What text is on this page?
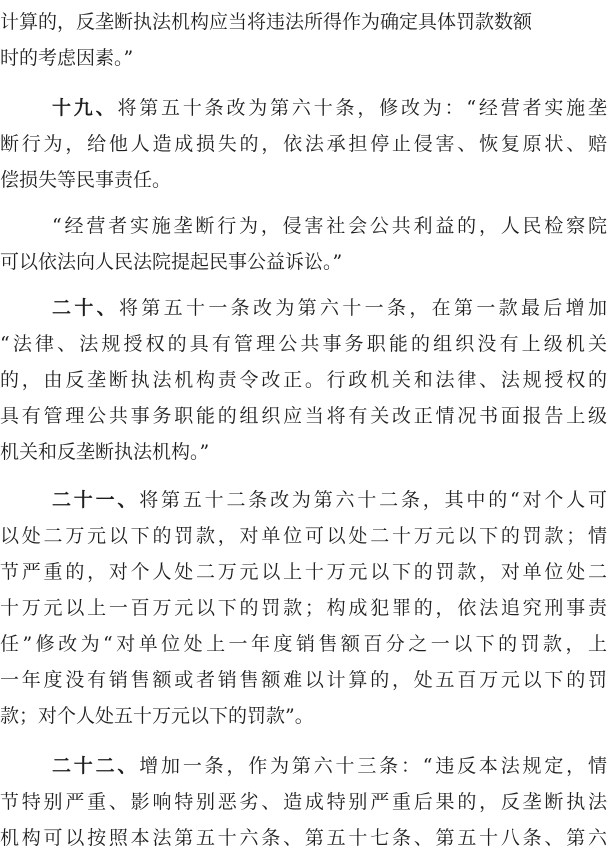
计算的，反垄断执法机构应当将违法所得作为确定具体罚款数额
时的考虑因素。”
十九、将第五十条改为第六十条，修改为：“经营者实施垄
断行为，给他人造成损失的，依法承担停止侵害、恢复原状、赔
偿损失等民事责任。
“经营者实施垄断行为，侵害社会公共利益的，人民检察院
可以依法向人民法院提起民事公益诉讼。”
二十、将第五十一条改为第六十一条，在第一款最后增加
“法律、法规授权的具有管理公共事务职能的组织没有上级机关
的，由反垄断执法机构责令改正。行政机关和法律、法规授权的
具有管理公共事务职能的组织应当将有关改正情况书面报告上级
机关和反垄断执法机构。”
二十一、将第五十二条改为第六十二条，其中的“对个人可
以处二万元以下的罚款，对单位可以处二十万元以下的罚款；情
节严重的，对个人处二万元以上十万元以下的罚款，对单位处二
十万元以上一百万元以下的罚款；构成犯罪的，依法追究刑事责
任”修改为“对单位处上一年度销售额百分之一以下的罚款，上
一年度没有销售额或者销售额难以计算的，处五百万元以下的罚
款；对个人处五十万元以下的罚款”。
二十二、增加一条，作为第六十三条：“违反本法规定，情
节特别严重、影响特别恶劣、造成特别严重后果的，反垄断执法
机构可以按照本法第五十六条、第五十七条、第五十八条、第六
